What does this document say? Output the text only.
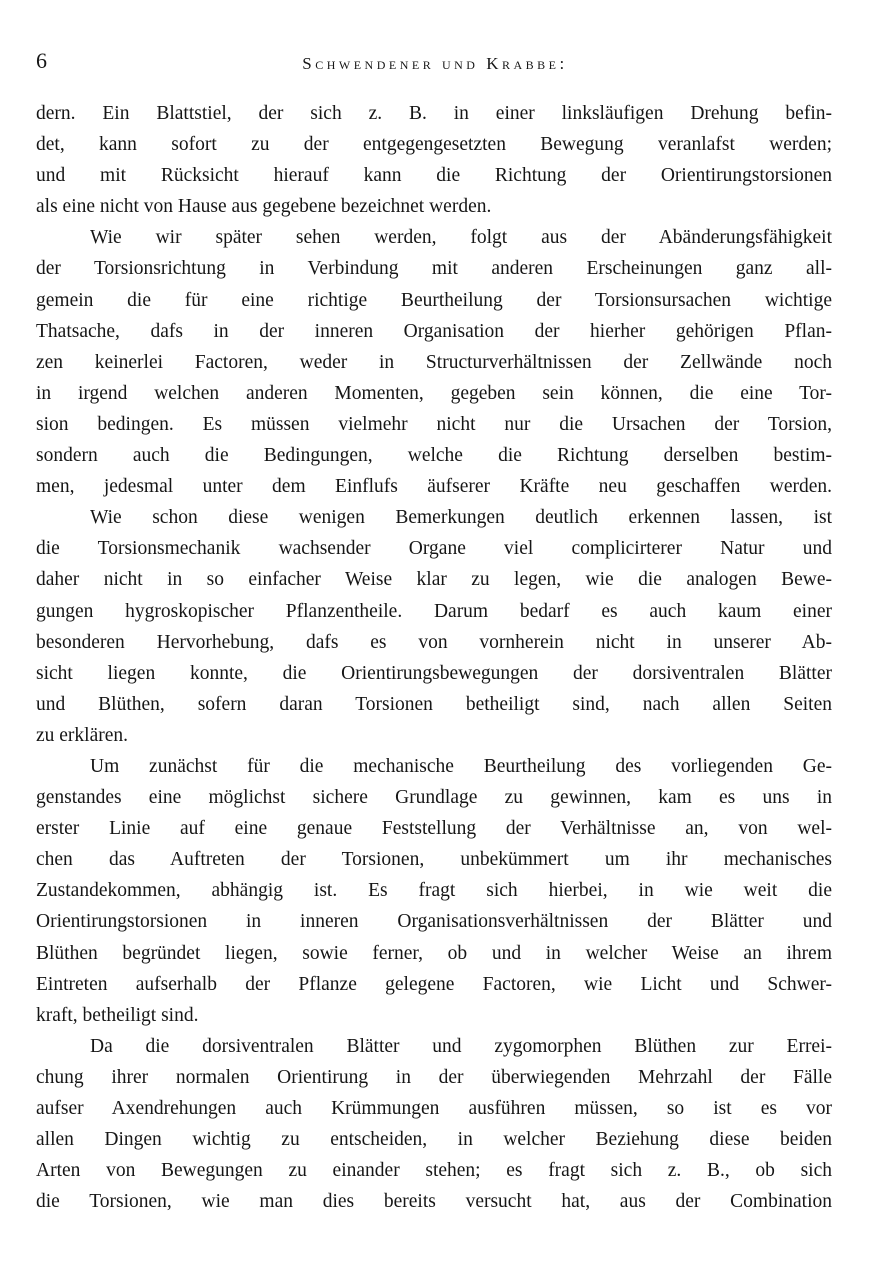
6	Schwendener und Krabbe:

dern. Ein Blattstiel, der sich z. B. in einer linksläufigen Drehung befin-
det, kann sofort zu der entgegengesetzten Bewegung veranlafst werden;
und mit Rücksicht hierauf kann die Richtung der Orientirungstorsionen
als eine nicht von Hause aus gegebene bezeichnet werden.

Wie wir später sehen werden, folgt aus der Abänderungsfähigkeit
der Torsionsrichtung in Verbindung mit anderen Erscheinungen ganz all-
gemein die für eine richtige Beurtheilung der Torsionsursachen wichtige
Thatsache, dafs in der inneren Organisation der hierher gehörigen Pflan-
zen keinerlei Factoren, weder in Structurverhältnissen der Zellwände noch
in irgend welchen anderen Momenten, gegeben sein können, die eine Tor-
sion bedingen. Es müssen vielmehr nicht nur die Ursachen der Torsion,
sondern auch die Bedingungen, welche die Richtung derselben bestim-
men, jedesmal unter dem Einflufs äufserer Kräfte neu geschaffen werden.

Wie schon diese wenigen Bemerkungen deutlich erkennen lassen, ist
die Torsionsmechanik wachsender Organe viel complicirterer Natur und
daher nicht in so einfacher Weise klar zu legen, wie die analogen Bewe-
gungen hygroskopischer Pflanzentheile. Darum bedarf es auch kaum einer
besonderen Hervorhebung, dafs es von vornherein nicht in unserer Ab-
sicht liegen konnte, die Orientirungsbewegungen der dorsiventralen Blätter
und Blüthen, sofern daran Torsionen betheiligt sind, nach allen Seiten
zu erklären.

Um zunächst für die mechanische Beurtheilung des vorliegenden Ge-
genstandes eine möglichst sichere Grundlage zu gewinnen, kam es uns in
erster Linie auf eine genaue Feststellung der Verhältnisse an, von wel-
chen das Auftreten der Torsionen, unbekümmert um ihr mechanisches
Zustandekommen, abhängig ist. Es fragt sich hierbei, in wie weit die
Orientirungstorsionen in inneren Organisationsverhältnissen der Blätter und
Blüthen begründet liegen, sowie ferner, ob und in welcher Weise an ihrem
Eintreten aufserhalb der Pflanze gelegene Factoren, wie Licht und Schwer-
kraft, betheiligt sind.

Da die dorsiventralen Blätter und zygomorphen Blüthen zur Errei-
chung ihrer normalen Orientirung in der überwiegenden Mehrzahl der Fälle
aufser Axendrehungen auch Krümmungen ausführen müssen, so ist es vor
allen Dingen wichtig zu entscheiden, in welcher Beziehung diese beiden
Arten von Bewegungen zu einander stehen; es fragt sich z. B., ob sich
die Torsionen, wie man dies bereits versucht hat, aus der Combination
